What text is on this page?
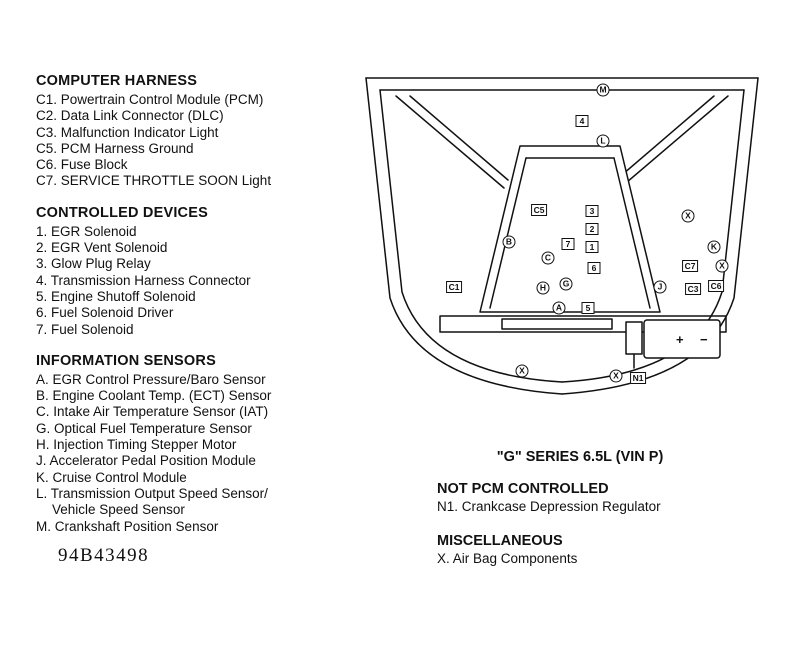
COMPUTER HARNESS
C1. Powertrain Control Module (PCM)
C2. Data Link Connector (DLC)
C3. Malfunction Indicator Light
C5. PCM Harness Ground
C6. Fuse Block
C7. SERVICE THROTTLE SOON Light
CONTROLLED DEVICES
1. EGR Solenoid
2. EGR Vent Solenoid
3. Glow Plug Relay
4. Transmission Harness Connector
5. Engine Shutoff Solenoid
6. Fuel Solenoid Driver
7. Fuel Solenoid
INFORMATION SENSORS
A. EGR Control Pressure/Baro Sensor
B. Engine Coolant Temp. (ECT) Sensor
C. Intake Air Temperature Sensor (IAT)
G. Optical Fuel Temperature Sensor
H. Injection Timing Stepper Motor
J. Accelerator Pedal Position Module
K. Cruise Control Module
L. Transmission Output Speed Sensor/
Vehicle Speed Sensor
M. Crankshaft Position Sensor
94B43498
+ −
M
4
L
C5	3
2
1
7
C
B
6
H	G
5
A
X
K
C7	X
J	C3 C6
C1
X	X	N1
"G" SERIES 6.5L (VIN P)
NOT PCM CONTROLLED
N1. Crankcase Depression Regulator
MISCELLANEOUS
X. Air Bag Components
